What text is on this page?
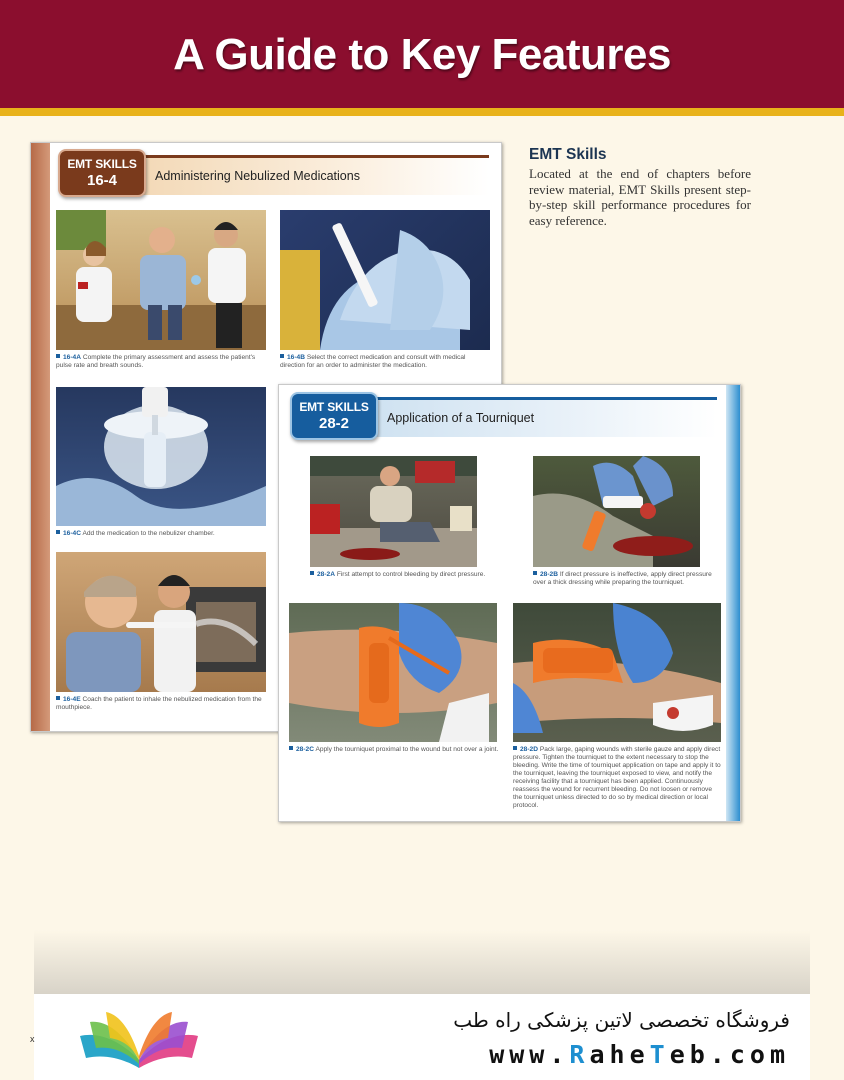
A Guide to Key Features
EMT SKILLS
16-4	Administering Nebulized Medications
16-4A Complete the primary assessment and assess the patient's pulse rate and breath sounds.
16-4B Select the correct medication and consult with medical direction for an order to administer the medication.
16-4C Add the medication to the nebulizer chamber.
16-4E Coach the patient to inhale the nebulized medication from the mouthpiece.
EMT Skills
Located at the end of chapters before review material, EMT Skills present step-by-step skill performance procedures for easy reference.
EMT SKILLS
28-2	Application of a Tourniquet
28-2A First attempt to control bleeding by direct pressure.	28-2B If direct pressure is ineffective, apply direct pressure over a thick dressing while preparing the tourniquet.
28-2C Apply the tourniquet proximal to the wound but not over a joint.	28-2D Pack large, gaping wounds with sterile gauze and apply direct pressure. Tighten the tourniquet to the extent necessary to stop the bleeding. Write the time of tourniquet application on tape and apply it to the tourniquet, leaving the tourniquet exposed to view, and notify the receiving facility that a tourniquet has been applied. Continuously reassess the wound for recurrent bleeding. Do not loosen or remove the tourniquet unless directed to do so by medical direction or local protocol.
فروشگاه تخصصی لاتین پزشکی راه طب
www.RaheTeb.com
x
